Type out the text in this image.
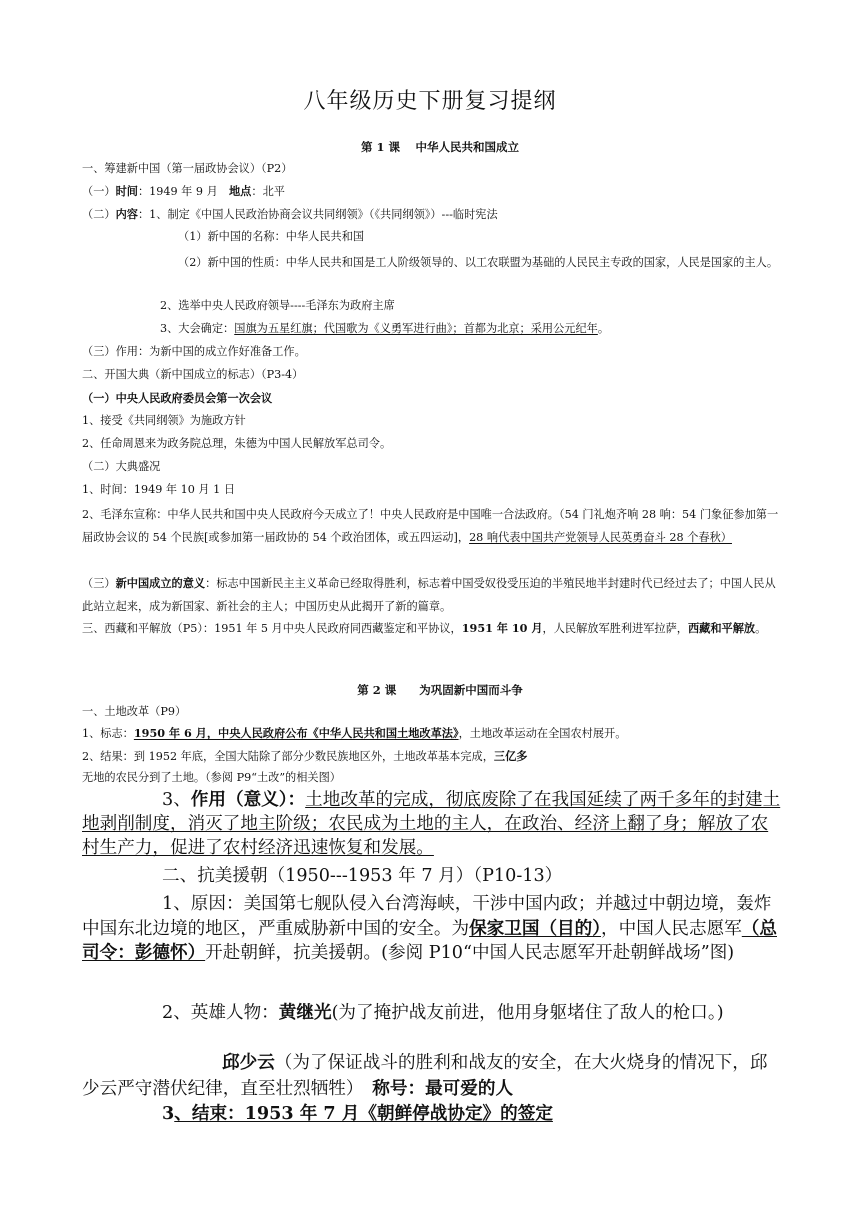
八年级历史下册复习提纲
第 1 课　 中华人民共和国成立
一、筹建新中国（第一届政协会议）（P2）
（一）时间：1949 年 9 月　地点：北平
（二）内容：1、制定《中国人民政治协商会议共同纲领》（《共同纲领》）---临时宪法
（1）新中国的名称：中华人民共和国
（2）新中国的性质：中华人民共和国是工人阶级领导的、以工农联盟为基础的人民民主专政的国家，人民是国家的主人。
2、选举中央人民政府领导----毛泽东为政府主席
3、大会确定：国旗为五星红旗；代国歌为《义勇军进行曲》；首都为北京；采用公元纪年。
（三）作用：为新中国的成立作好准备工作。
二、开国大典（新中国成立的标志）（P3-4）
（一）中央人民政府委员会第一次会议
1、接受《共同纲领》为施政方针
2、任命周恩来为政务院总理，朱德为中国人民解放军总司令。
（二）大典盛况
1、时间：1949 年 10 月 1 日
2、毛泽东宣称：中华人民共和国中央人民政府今天成立了！中央人民政府是中国唯一合法政府。（54 门礼炮齐响 28 响：54 门象征参加第一届政协会议的 54 个民族[或参加第一届政协的 54 个政治团体，或五四运动]，28 响代表中国共产党领导人民英勇奋斗 28 个春秋）
（三）新中国成立的意义：标志中国新民主主义革命已经取得胜利，标志着中国受奴役受压迫的半殖民地半封建时代已经过去了；中国人民从此站立起来，成为新国家、新社会的主人；中国历史从此揭开了新的篇章。
三、西藏和平解放（P5）：1951 年 5 月中央人民政府同西藏鉴定和平协议，1951 年 10 月，人民解放军胜利进军拉萨，西藏和平解放。
第 2 课　　为巩固新中国而斗争
一、土地改革（P9）
1、标志：1950 年 6 月，中央人民政府公布《中华人民共和国土地改革法》，土地改革运动在全国农村展开。
2、结果：到 1952 年底，全国大陆除了部分少数民族地区外，土地改革基本完成，三亿多无地的农民分到了土地。（参阅 P9“土改”的相关图）
3、作用（意义）：土地改革的完成，彻底废除了在我国延续了两千多年的封建土地剥削制度，消灭了地主阶级；农民成为土地的主人，在政治、经济上翻了身；解放了农村生产力，促进了农村经济迅速恢复和发展。
二、抗美援朝（1950---1953 年 7 月）（P10-13）
1、原因：美国第七舰队侵入台湾海峡，干涉中国内政；并越过中朝边境，轰炸中国东北边境的地区，严重威胁新中国的安全。为保家卫国（目的），中国人民志愿军（总司令：彭德怀）开赴朝鲜，抗美援朝。(参阅 P10“中国人民志愿军开赴朝鲜战场”图)
2、英雄人物：黄继光(为了掩护战友前进，他用身躯堵住了敌人的枪口。)
邱少云（为了保证战斗的胜利和战友的安全，在大火烧身的情况下，邱少云严守潜伏纪律，直至壮烈牺牲）　称号：最可爱的人
3、结束：1953 年 7 月《朝鲜停战协定》的签定
